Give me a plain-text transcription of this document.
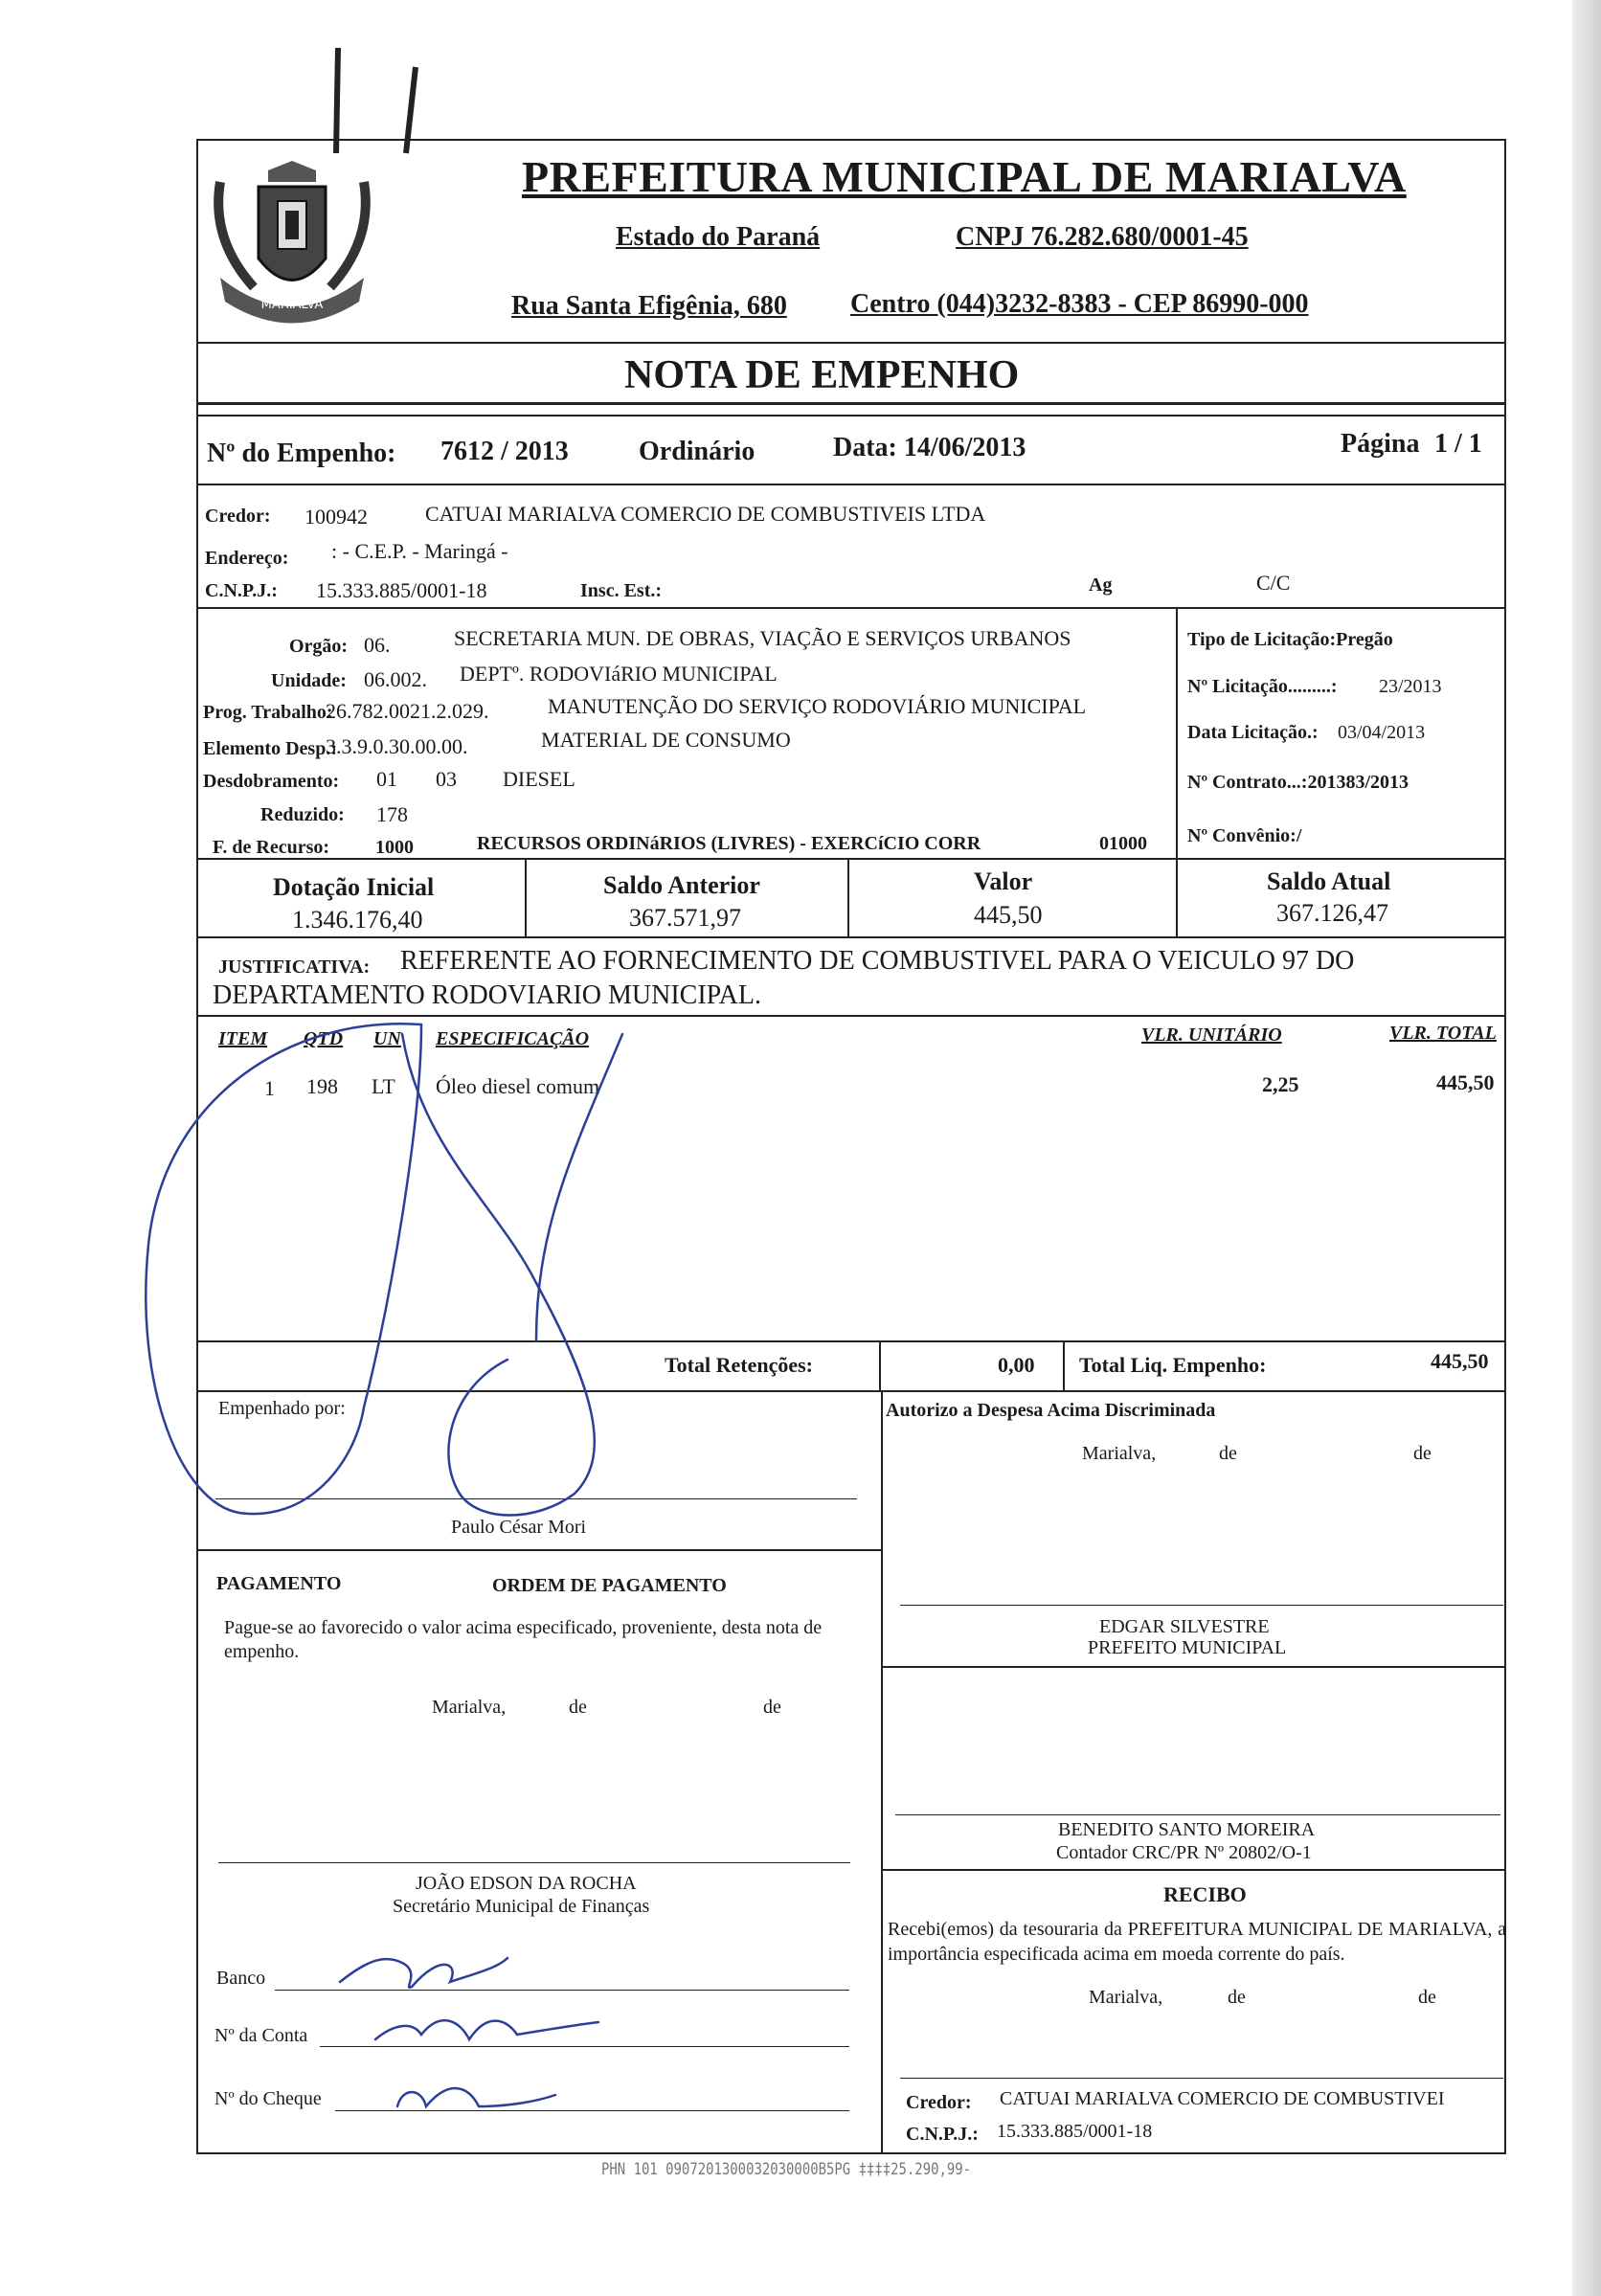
MARIALVA
PREFEITURA MUNICIPAL DE MARIALVA
Estado do Paraná	CNPJ 76.282.680/0001-45
Rua Santa Efigênia, 680 Centro (044)3232-8383 - CEP 86990-000
NOTA DE EMPENHO
Nº do Empenho: 7612 / 2013	Ordinário	Data: 14/06/2013	Página 1 / 1
Credor: 100942	CATUAI MARIALVA COMERCIO DE COMBUSTIVEIS LTDA
Endereço: : - C.E.P. - Maringá -
C.N.P.J.: 15.333.885/0001-18	Insc. Est.:	Ag	C/C
Orgão: 06.	SECRETARIA MUN. DE OBRAS, VIAÇÃO E SERVIÇOS URBANOS
Unidade: 06.002. DEPTº. RODOVIáRIO MUNICIPAL
Prog. Trabalho:
26.782.0021.2.029.	MANUTENÇÃO DO SERVIÇO RODOVIÁRIO MUNICIPAL
Elemento Desp.:
3.3.9.0.30.00.00.	MATERIAL DE CONSUMO
Desdobramento: 01 03 DIESEL
Reduzido: 178
F. de Recurso: 1000	RECURSOS ORDINáRIOS (LIVRES) - EXERCíCIO CORR	01000
Tipo de Licitação:Pregão
Nº Licitação.........: 23/2013
Data Licitação.: 03/04/2013
Nº Contrato...:201383/2013
Nº Convênio:/
Dotação Inicial
1.346.176,40
Saldo Anterior
367.571,97
Valor
445,50
Saldo Atual
367.126,47
JUSTIFICATIVA:	REFERENTE AO FORNECIMENTO DE COMBUSTIVEL PARA O VEICULO 97 DO DEPARTAMENTO RODOVIARIO MUNICIPAL.
ITEM QTD UN ESPECIFICAÇÃO	VLR. UNITÁRIO	VLR. TOTAL
1 198 LT Óleo diesel comum	2,25	445,50
Total Retenções:	0,00 Total Liq. Empenho:	445,50
Empenhado por:
Paulo César Mori
Autorizo a Despesa Acima Discriminada
Marialva,	de	de
EDGAR SILVESTRE
PREFEITO MUNICIPAL
PAGAMENTO	ORDEM DE PAGAMENTO
Pague-se ao favorecido o valor acima especificado, proveniente, desta nota de empenho.
Marialva,	de	de
JOÃO EDSON DA ROCHA
Secretário Municipal de Finanças
Banco
Nº da Conta
Nº do Cheque
BENEDITO SANTO MOREIRA
Contador CRC/PR Nº 20802/O-1
RECIBO
Recebi(emos) da tesouraria da PREFEITURA MUNICIPAL DE MARIALVA, a importância especificada acima em moeda corrente do país.
Marialva,	de	de
Credor: CATUAI MARIALVA COMERCIO DE COMBUSTIVEI
C.N.P.J.: 15.333.885/0001-18
PHN 101 0907201300032030000B5PG ‡‡‡‡25.290,99-
